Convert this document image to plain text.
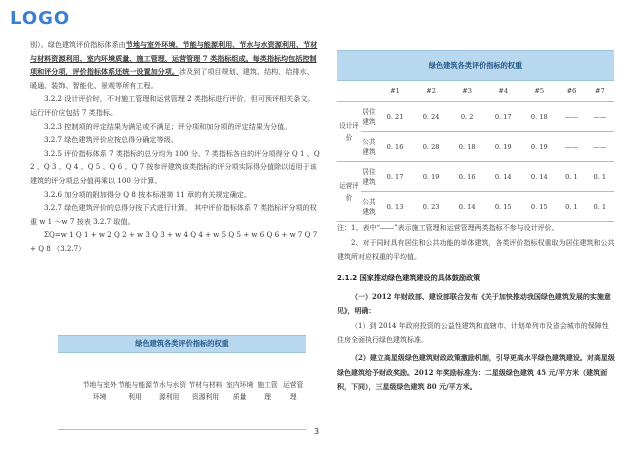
LOGO

别）。绿色建筑评价指标体系由节地与室外环境、节能与能源利用、节水与水资源利用、节材与材料资源利用、室内环境质量、施工管理、运营管理 7 类指标组成。每类指标均包括控制项和评分项，评价指标体系还统一设置加分项。涉及到了项目规划、建筑、结构、给排水、暖通、装饰、智能化、景观等所有工程。

3.2.2 设计评价时，不对施工管理和运营管理 2 类指标进行评价，但可预评相关条文。运行评价应包括 7 类指标。

3.2.3 控制项的评定结果为满足或不满足；评分项和加分项的评定结果为分值。

3.2.7 绿色建筑评价应按总得分确定等级。

3.2.5 评价指标体系 7 类指标的总分均为 100 分。7 类指标各自的评分项得分 Q 1 、Q 2 、Q 3 、Q 4 、Q 5 、Q 6 、Q 7 按参评建筑该类指标的评分项实际得分值除以适用于该建筑的评分项总分值再乘以 100 分计算。

3.2.6 加分项的附加得分 Q 8 按本标准第 11 章的有关规定确定。

3.2.7 绿色建筑评价的总得分按下式进行计算， 其中评价指标体系 7 类指标评分项的权重 w 1 ～w 7 按表 3.2.7 取值。

ΣQ=w 1 Q 1 + w 2 Q 2 + w 3 Q 3 + w 4 Q 4 + w 5 Q 5 + w 6 Q 6 + w 7 Q 7 + Q 8 （3.2.7）

绿色建筑各类评价指标的权重								
		#1	#2	#3	#4	#5	#6	#7
设计评价	居住建筑	0. 21	0. 24	0. 2	0. 17	0. 18	——	——
	公共建筑	0. 16	0. 28	0. 18	0. 19	0. 19	——	——
运营评价	居住建筑	0. 17	0. 19	0. 16	0. 14	0. 14	0. 1	0. 1
	公共建筑	0. 13	0. 23	0. 14	0. 15	0. 15	0. 1	0. 1
注：1、表中“——”表示施工管理和运营管理两类指标不参与设计评价。
2、对于同时具有居住和公共功能的单体建筑，各类评价指标权重取为居住建筑和公共建筑所对应权重的平均值。
2.1.2 国家推动绿色建筑建设的具体鼓励政策
（一）2012 年财政部、建设部联合发布《关于加快推动我国绿色建筑发展的实施意见》，明确：
（1）到 2014 年政府投资的公益性建筑和直辖市、计划单列市及省会城市的保障性住房全面执行绿色建筑标准。
（2）建立高星级绿色建筑财政政策激励机制，引导更高水平绿色建筑建设。对高星级绿色建筑给予财政奖励。2012 年奖励标准为：二星级绿色建筑 45 元/平方米（建筑面积，下同），三星级绿色建筑 80 元/平方米。
绿色建筑各类评价指标的权重
	节地与室外环境	节能与能源利用	节水与水资源利用	节材与材料资源利用	室内环境质量	施工管理	运营管理
3
